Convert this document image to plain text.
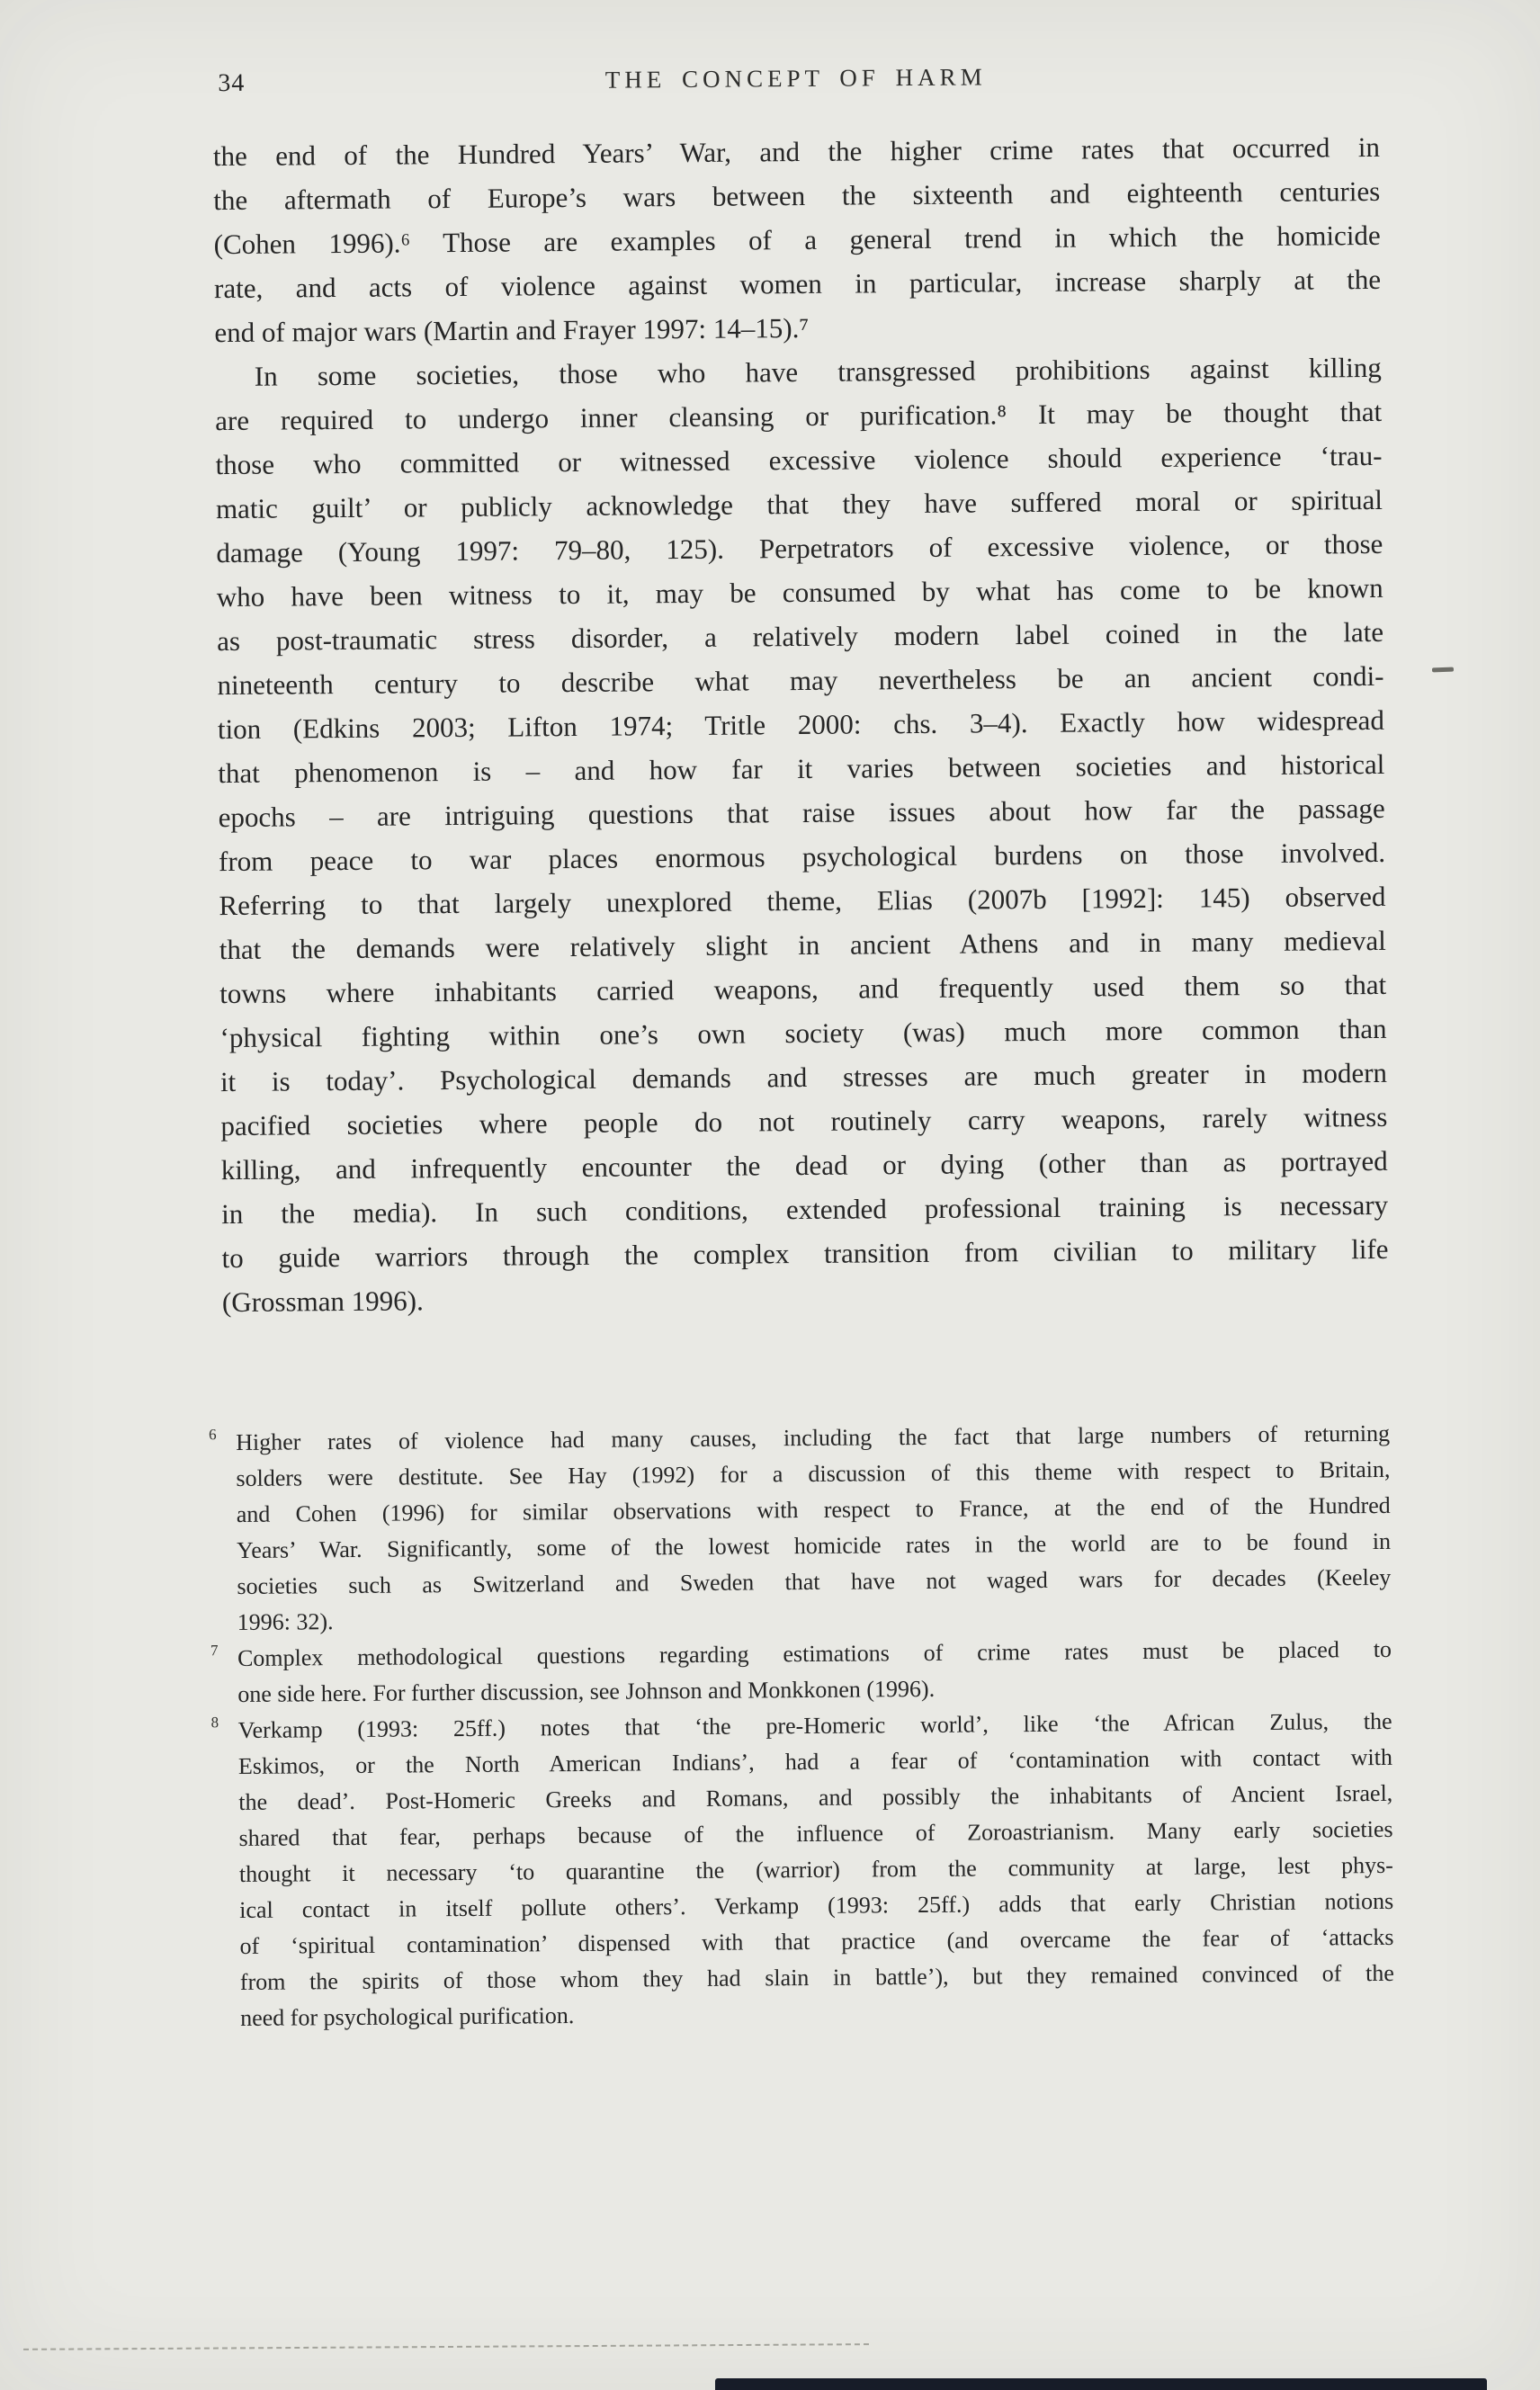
34	THE CONCEPT OF HARM
the end of the Hundred Years’ War, and the higher crime rates that occurred in
the aftermath of Europe’s wars between the sixteenth and eighteenth centuries
(Cohen 1996).⁶ Those are examples of a general trend in which the homicide
rate, and acts of violence against women in particular, increase sharply at the
end of major wars (Martin and Frayer 1997: 14–15).⁷
In some societies, those who have transgressed prohibitions against killing
are required to undergo inner cleansing or purification.⁸ It may be thought that
those who committed or witnessed excessive violence should experience ‘trau-
matic guilt’ or publicly acknowledge that they have suffered moral or spiritual
damage (Young 1997: 79–80, 125). Perpetrators of excessive violence, or those
who have been witness to it, may be consumed by what has come to be known
as post-traumatic stress disorder, a relatively modern label coined in the late
nineteenth century to describe what may nevertheless be an ancient condi-
tion (Edkins 2003; Lifton 1974; Tritle 2000: chs. 3–4). Exactly how widespread
that phenomenon is – and how far it varies between societies and historical
epochs – are intriguing questions that raise issues about how far the passage
from peace to war places enormous psychological burdens on those involved.
Referring to that largely unexplored theme, Elias (2007b [1992]: 145) observed
that the demands were relatively slight in ancient Athens and in many medieval
towns where inhabitants carried weapons, and frequently used them so that
‘physical fighting within one’s own society (was) much more common than
it is today’. Psychological demands and stresses are much greater in modern
pacified societies where people do not routinely carry weapons, rarely witness
killing, and infrequently encounter the dead or dying (other than as portrayed
in the media). In such conditions, extended professional training is necessary
to guide warriors through the complex transition from civilian to military life
(Grossman 1996).
6 Higher rates of violence had many causes, including the fact that large numbers of returning
solders were destitute. See Hay (1992) for a discussion of this theme with respect to Britain,
and Cohen (1996) for similar observations with respect to France, at the end of the Hundred
Years’ War. Significantly, some of the lowest homicide rates in the world are to be found in
societies such as Switzerland and Sweden that have not waged wars for decades (Keeley
1996: 32).
7 Complex methodological questions regarding estimations of crime rates must be placed to
one side here. For further discussion, see Johnson and Monkkonen (1996).
8 Verkamp (1993: 25ff.) notes that ‘the pre-Homeric world’, like ‘the African Zulus, the
Eskimos, or the North American Indians’, had a fear of ‘contamination with contact with
the dead’. Post-Homeric Greeks and Romans, and possibly the inhabitants of Ancient Israel,
shared that fear, perhaps because of the influence of Zoroastrianism. Many early societies
thought it necessary ‘to quarantine the (warrior) from the community at large, lest phys-
ical contact in itself pollute others’. Verkamp (1993: 25ff.) adds that early Christian notions
of ‘spiritual contamination’ dispensed with that practice (and overcame the fear of ‘attacks
from the spirits of those whom they had slain in battle’), but they remained convinced of the
need for psychological purification.
